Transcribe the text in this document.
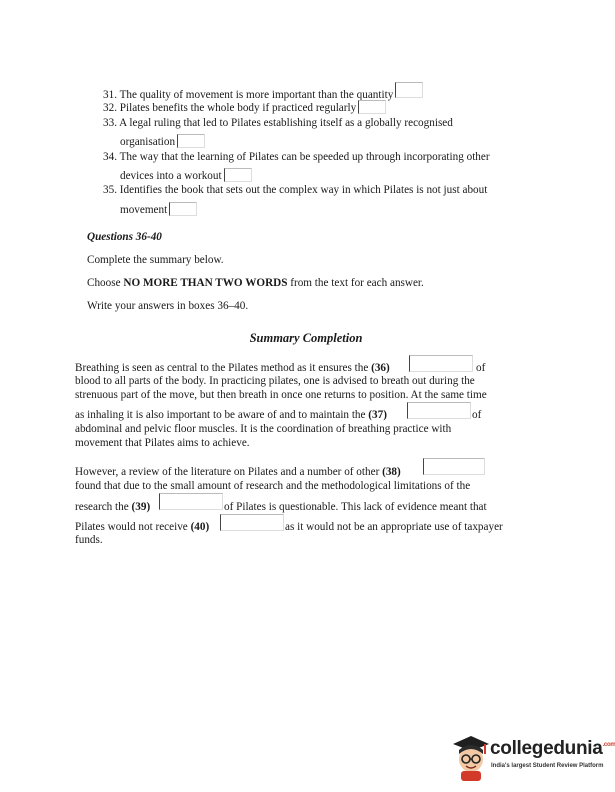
31. The quality of movement is more important than the quantity
32. Pilates benefits the whole body if practiced regularly
33. A legal ruling that led to Pilates establishing itself as a globally recognised
organisation
34. The way that the learning of Pilates can be speeded up through incorporating other
devices into a workout
35. Identifies the book that sets out the complex way in which Pilates is not just about
movement
Questions 36-40
Complete the summary below.
Choose NO MORE THAN TWO WORDS from the text for each answer.
Write your answers in boxes 36–40.
Summary Completion
Breathing is seen as central to the Pilates method as it ensures the (36)	of
blood to all parts of the body. In practicing pilates, one is advised to breath out during the
strenuous part of the move, but then breath in once one returns to position. At the same time
as inhaling it is also important to be aware of and to maintain the (37)	of
abdominal and pelvic floor muscles. It is the coordination of breathing practice with
movement that Pilates aims to achieve.
However, a review of the literature on Pilates and a number of other (38)
found that due to the small amount of research and the methodological limitations of the
research the (39)	of Pilates is questionable. This lack of evidence meant that
Pilates would not receive (40)	as it would not be an appropriate use of taxpayer
funds.
collegedunia$^{.com}$
India's largest Student Review Platform
